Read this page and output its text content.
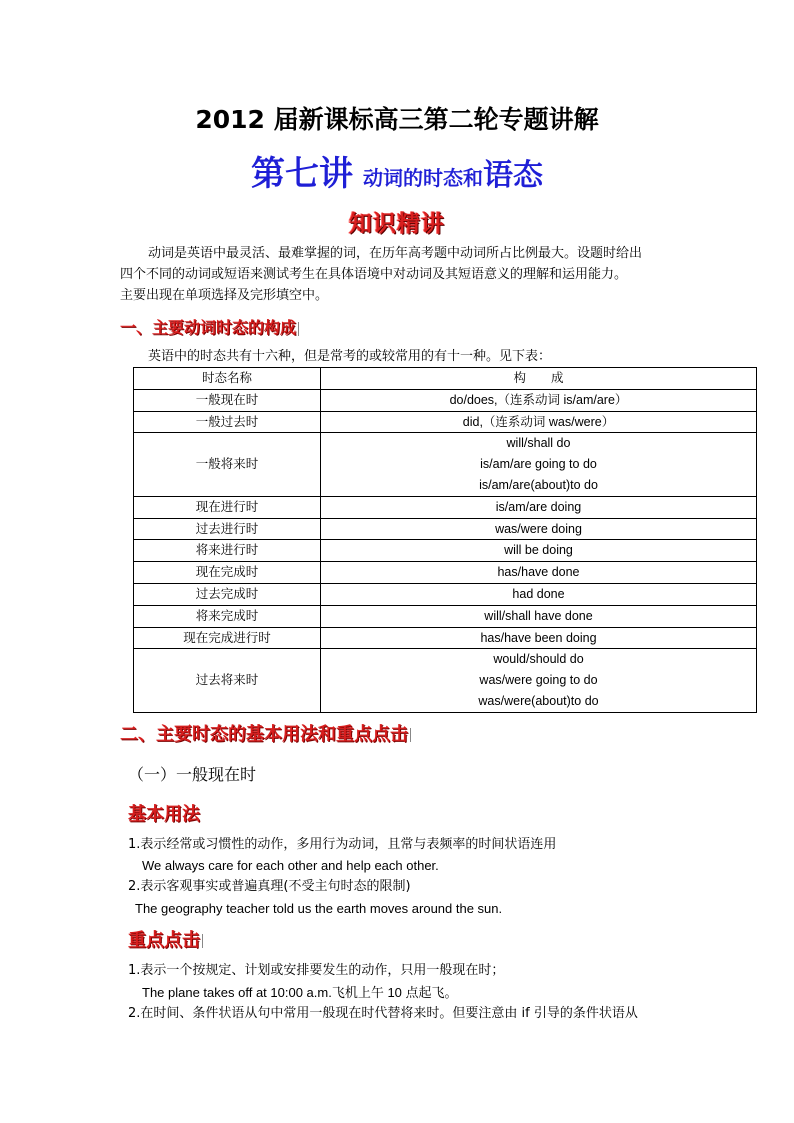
2012 届新课标高三第二轮专题讲解
第七讲 动词的时态和语态
知识精讲
动词是英语中最灵活、最难掌握的词，在历年高考题中动词所占比例最大。设题时给出
四个不同的动词或短语来测试考生在具体语境中对动词及其短语意义的理解和运用能力。
主要出现在单项选择及完形填空中。
一、主要动词时态的构成
英语中的时态共有十六种，但是常考的或较常用的有十一种。见下表：
时态名称	构　　成
一般现在时	do/does,（连系动词 is/am/are）

一般过去时	did,（连系动词 was/were）

一般将来时	will/shall do
is/am/are going to do
is/am/are(about)to do

现在进行时	is/am/are doing

过去进行时	was/were doing

将来进行时	will be doing

现在完成时	has/have done

过去完成时	had done

将来完成时	will/shall have done

现在完成进行时	has/have been doing

过去将来时	would/should do
was/were going to do
was/were(about)to do
二、主要时态的基本用法和重点点击
（一）一般现在时
基本用法
1.表示经常或习惯性的动作，多用行为动词，且常与表频率的时间状语连用
We always care for each other and help each other.
2.表示客观事实或普遍真理(不受主句时态的限制)
The geography teacher told us the earth moves around the sun.
重点点击
1.表示一个按规定、计划或安排要发生的动作，只用一般现在时；
The plane takes off at 10:00 a.m.飞机上午 10 点起飞。
2.在时间、条件状语从句中常用一般现在时代替将来时。但要注意由 if 引导的条件状语从
